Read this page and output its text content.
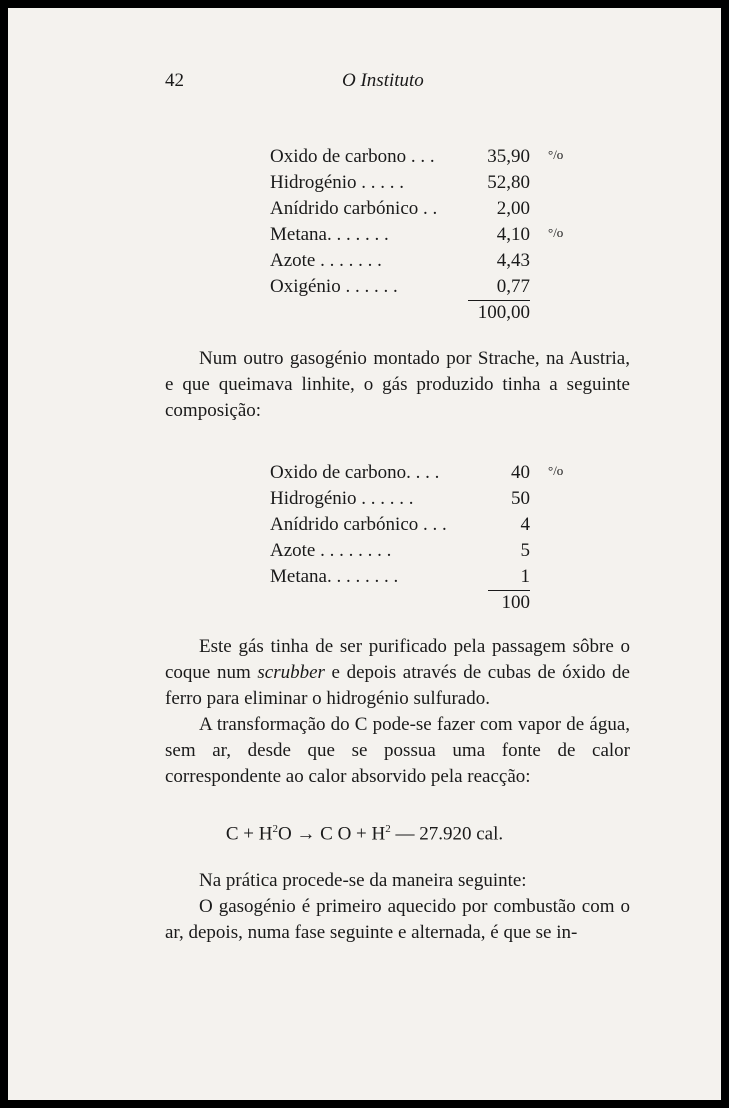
42	O Instituto
Oxido de carbono . . .	35,90 °/o
Hidrogénio . . . . .	52,80
Anídrido carbónico . .	2,00
Metana. . . . . . .	4,10 °/o
Azote . . . . . . .	4,43
Oxigénio . . . . . .	0,77
100,00

Num outro gasogénio montado por Strache, na Austria, e que queimava linhite, o gás produzido tinha a seguinte composição:

Oxido de carbono. . . .	40 °/o
Hidrogénio . . . . . .	50
Anídrido carbónico . . .	4
Azote . . . . . . . .	5
Metana. . . . . . . .	1
100

Este gás tinha de ser purificado pela passagem sôbre o coque num scrubber e depois através de cubas de óxido de ferro para eliminar o hidrogénio sulfurado.

A transformação do C pode-se fazer com vapor de água, sem ar, desde que se possua uma fonte de calor correspondente ao calor absorvido pela reacção:

$C + H^2O \to C$ $O + H^2$ — 27.920 cal.

Na prática procede-se da maneira seguinte:

O gasogénio é primeiro aquecido por combustão com o ar, depois, numa fase seguinte e alternada, é que se in-
